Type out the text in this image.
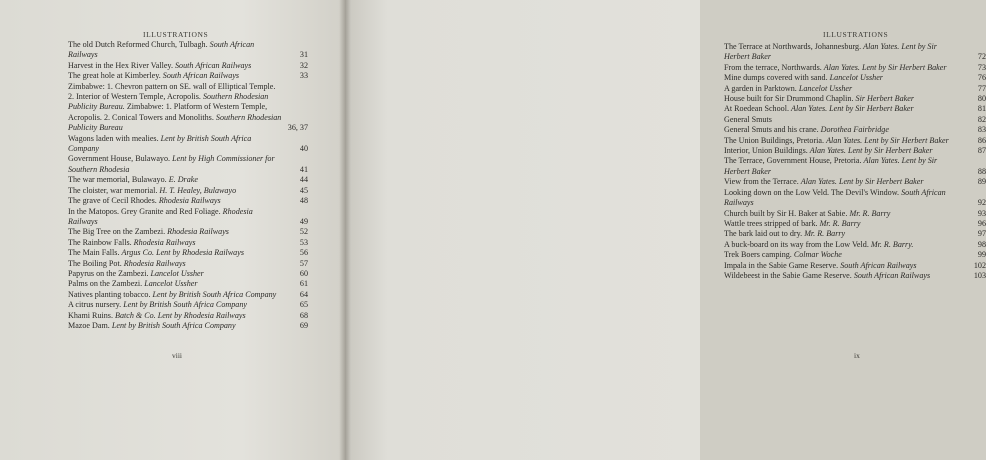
ILLUSTRATIONS
The old Dutch Reformed Church, Tulbagh. South African Railways	31
Harvest in the Hex River Valley. South African Railways	32
The great hole at Kimberley. South African Railways	33
Zimbabwe: 1. Chevron pattern on SE. wall of Elliptical Temple. 2. Interior of Western Temple, Acropolis. Southern Rhodesian Publicity Bureau. Zimbabwe: 1. Platform of Western Temple, Acropolis. 2. Conical Towers and Monoliths. Southern Rhodesian Publicity Bureau	36, 37
Wagons laden with mealies. Lent by British South Africa Company	40
Government House, Bulawayo. Lent by High Commissioner for Southern Rhodesia	41
The war memorial, Bulawayo. E. Drake	44
The cloister, war memorial. H. T. Healey, Bulawayo	45
The grave of Cecil Rhodes. Rhodesia Railways	48
In the Matopos. Grey Granite and Red Foliage. Rhodesia Railways	49
The Big Tree on the Zambezi. Rhodesia Railways	52
The Rainbow Falls. Rhodesia Railways	53
The Main Falls. Argus Co. Lent by Rhodesia Railways	56
The Boiling Pot. Rhodesia Railways	57
Papyrus on the Zambezi. Lancelot Ussher	60
Palms on the Zambezi. Lancelot Ussher	61
Natives planting tobacco. Lent by British South Africa Company	64
A citrus nursery. Lent by British South Africa Company	65
Khami Ruins. Batch & Co. Lent by Rhodesia Railways	68
Mazoe Dam. Lent by British South Africa Company	69
viii
ILLUSTRATIONS
The Terrace at Northwards, Johannesburg. Alan Yates. Lent by Sir Herbert Baker	72
From the terrace, Northwards. Alan Yates. Lent by Sir Herbert Baker	73
Mine dumps covered with sand. Lancelot Ussher	76
A garden in Parktown. Lancelot Ussher	77
House built for Sir Drummond Chaplin. Sir Herbert Baker	80
At Roedean School. Alan Yates. Lent by Sir Herbert Baker	81
General Smuts	82
General Smuts and his crane. Dorothea Fairbridge	83
The Union Buildings, Pretoria. Alan Yates. Lent by Sir Herbert Baker	86
Interior, Union Buildings. Alan Yates. Lent by Sir Herbert Baker	87
The Terrace, Government House, Pretoria. Alan Yates. Lent by Sir Herbert Baker	88
View from the Terrace. Alan Yates. Lent by Sir Herbert Baker	89
Looking down on the Low Veld. The Devil's Window. South African Railways	92
Church built by Sir H. Baker at Sabie. Mr. R. Barry	93
Wattle trees stripped of bark. Mr. R. Barry	96
The bark laid out to dry. Mr. R. Barry	97
A buck-board on its way from the Low Veld. Mr. R. Barry.	98
Trek Boers camping. Colmar Woche	99
Impala in the Sabie Game Reserve. South African Railways	102
Wildebeest in the Sabie Game Reserve. South African Railways	103
ix
